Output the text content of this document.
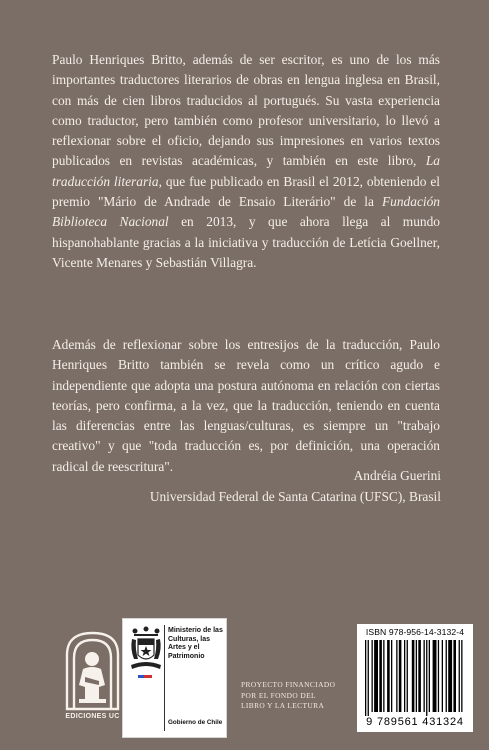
Paulo Henriques Britto, además de ser escritor, es uno de los más importantes traductores literarios de obras en lengua inglesa en Brasil, con más de cien libros traducidos al portugués. Su vasta experiencia como traductor, pero también como profesor universitario, lo llevó a reflexionar sobre el oficio, dejando sus impresiones en varios textos publicados en revistas académicas, y también en este libro, La traducción literaria, que fue publicado en Brasil el 2012, obteniendo el premio "Mário de Andrade de Ensaio Literário" de la Fundación Biblioteca Nacional en 2013, y que ahora llega al mundo hispanohablante gracias a la iniciativa y traducción de Letícia Goellner, Vicente Menares y Sebastián Villagra.
Además de reflexionar sobre los entresijos de la traducción, Paulo Henriques Britto también se revela como un crítico agudo e independiente que adopta una postura autónoma en relación con ciertas teorías, pero confirma, a la vez, que la traducción, teniendo en cuenta las diferencias entre las lenguas/culturas, es siempre un "trabajo creativo" y que "toda traducción es, por definición, una operación radical de reescritura".
Andréia Guerini
Universidad Federal de Santa Catarina (UFSC), Brasil
EDICIONES UC
Ministerio de las Culturas, las Artes y el Patrimonio
Gobierno de Chile
PROYECTO FINANCIADO
POR EL FONDO DEL
LIBRO Y LA LECTURA
ISBN 978-956-14-3132-4
9 789561 431324
